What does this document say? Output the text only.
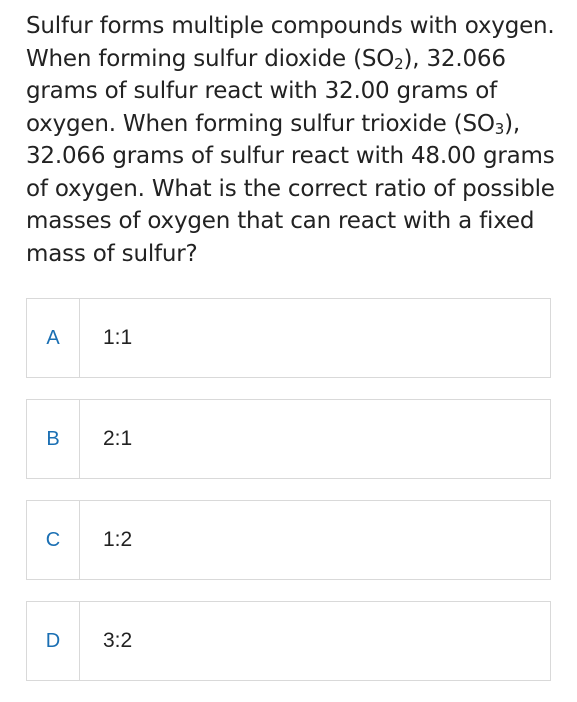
Sulfur forms multiple compounds with oxygen. When forming sulfur dioxide $(SO_2)$, 32.066 grams of sulfur react with 32.00 grams of oxygen. When forming sulfur trioxide $(SO_3)$, 32.066 grams of sulfur react with 48.00 grams of oxygen. What is the correct ratio of possible masses of oxygen that can react with a fixed mass of sulfur?

A	1:1
B	2:1
C	1:2
D	3:2
